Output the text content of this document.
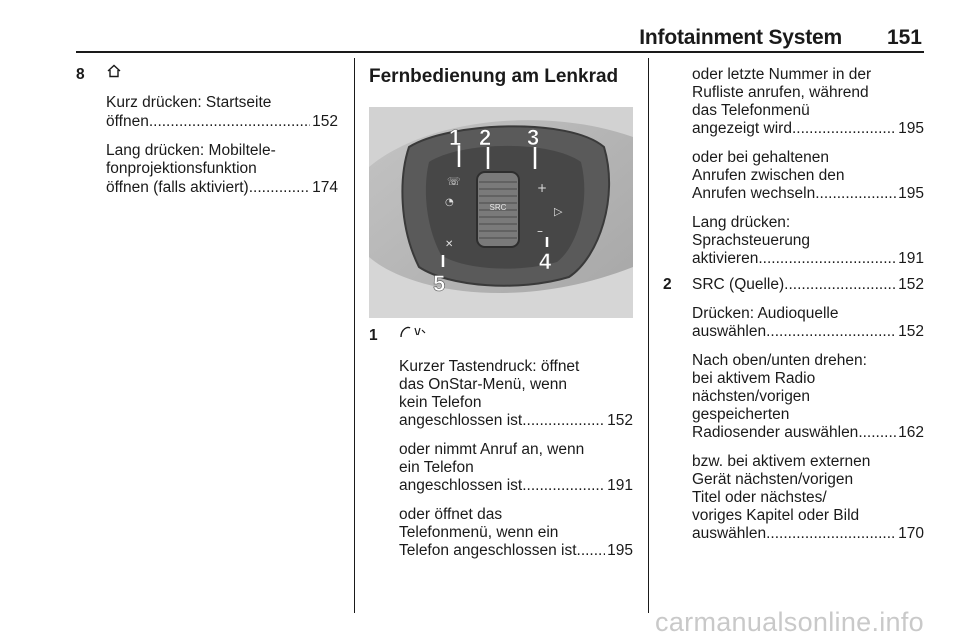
Infotainment System 151
8
Kurz drücken: Startseite
öffnen .....	152
Lang drücken: Mobiltele-
fonprojektionsfunktion
öffnen (falls aktiviert) .....	174
Fernbedienung am Lenkrad
SRC
☏
◔
✕
+
–
▷
1 2 3
4
5
1
Kurzer Tastendruck: öffnet
das OnStar-Menü, wenn
kein Telefon
angeschlossen ist .....	152
oder nimmt Anruf an, wenn
ein Telefon
angeschlossen ist .....	191
oder öffnet das
Telefonmenü, wenn ein
Telefon angeschlossen ist ..... 195
oder letzte Nummer in der
Rufliste anrufen, während
das Telefonmenü
angezeigt wird .....	195
oder bei gehaltenen
Anrufen zwischen den
Anrufen wechseln .....	195
Lang drücken:
Sprachsteuerung
aktivieren .....	191
2 SRC (Quelle) .....	152
Drücken: Audioquelle
auswählen .....	152
Nach oben/unten drehen:
bei aktivem Radio
nächsten/vorigen
gespeicherten
Radiosender auswählen .....	162
bzw. bei aktivem externen
Gerät nächsten/vorigen
Titel oder nächstes/
voriges Kapitel oder Bild
auswählen .....	170
carmanualsonline.info
